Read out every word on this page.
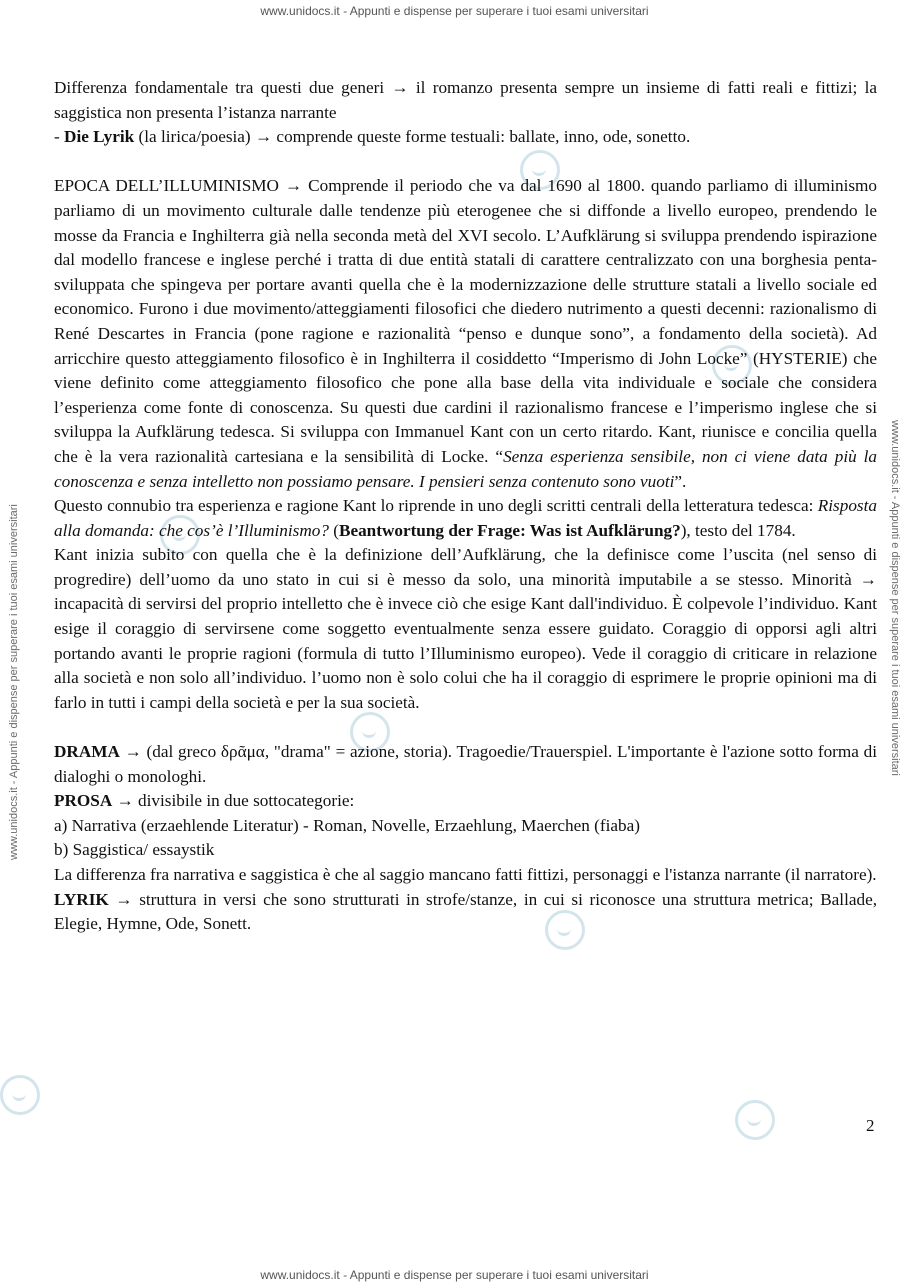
www.unidocs.it - Appunti e dispense per superare i tuoi esami universitari
www.unidocs.it - Appunti e dispense per superare i tuoi esami universitari
www.unidocs.it - Appunti e dispense per superare i tuoi esami universitari	www.unidocs.it - Appunti e dispense per superare i tuoi esami universitari

Differenza fondamentale tra questi due generi → il romanzo presenta sempre un insieme di fatti reali e fittizi; la saggistica non presenta l’istanza narrante

- Die Lyrik (la lirica/poesia) → comprende queste forme testuali: ballate, inno, ode, sonetto.

EPOCA DELL’ILLUMINISMO → Comprende il periodo che va dal 1690 al 1800. quando parliamo di illuminismo parliamo di un movimento culturale dalle tendenze più eterogenee che si diffonde a livello europeo, prendendo le mosse da Francia e Inghilterra già nella seconda metà del XVI secolo. L’Aufklärung si sviluppa prendendo ispirazione dal modello francese e inglese perché i tratta di due entità statali di carattere centralizzato con una borghesia penta-sviluppata che spingeva per portare avanti quella che è la modernizzazione delle strutture statali a livello sociale ed economico. Furono i due movimento/atteggiamenti filosofici che diedero nutrimento a questi decenni: razionalismo di René Descartes in Francia (pone ragione e razionalità “penso e dunque sono”, a fondamento della società). Ad arricchire questo atteggiamento filosofico è in Inghilterra il cosiddetto “Imperismo di John Locke” (HYSTERIE) che viene definito come atteggiamento filosofico che pone alla base della vita individuale e sociale che considera l’esperienza come fonte di conoscenza. Su questi due cardini il razionalismo francese e l’imperismo inglese che si sviluppa la Aufklärung tedesca. Si sviluppa con Immanuel Kant con un certo ritardo. Kant, riunisce e concilia quella che è la vera razionalità cartesiana e la sensibilità di Locke. “Senza esperienza sensibile, non ci viene data più la conoscenza e senza intelletto non possiamo pensare. I pensieri senza contenuto sono vuoti”.

Questo connubio tra esperienza e ragione Kant lo riprende in uno degli scritti centrali della letteratura tedesca: Risposta alla domanda: che cos’è l’Illuminismo? (Beantwortung der Frage: Was ist Aufklärung?), testo del 1784.

Kant inizia subito con quella che è la definizione dell’Aufklärung, che la definisce come l’uscita (nel senso di progredire) dell’uomo da uno stato in cui si è messo da solo, una minorità imputabile a se stesso. Minorità → incapacità di servirsi del proprio intelletto che è invece ciò che esige Kant dall'individuo. È colpevole l’individuo. Kant esige il coraggio di servirsene come soggetto eventualmente senza essere guidato. Coraggio di opporsi agli altri portando avanti le proprie ragioni (formula di tutto l’Illuminismo europeo). Vede il coraggio di criticare in relazione alla società e non solo all’individuo. l’uomo non è solo colui che ha il coraggio di esprimere le proprie opinioni ma di farlo in tutti i campi della società e per la sua società.

DRAMA → (dal greco δρᾶμα, "drama" = azione, storia). Tragoedie/Trauerspiel. L'importante è l'azione sotto forma di dialoghi o monologhi.

PROSA → divisibile in due sottocategorie:

a) Narrativa (erzaehlende Literatur) - Roman, Novelle, Erzaehlung, Maerchen (fiaba)

b) Saggistica/ essaystik

La differenza fra narrativa e saggistica è che al saggio mancano fatti fittizi, personaggi e l'istanza narrante (il narratore).

LYRIK → struttura in versi che sono strutturati in strofe/stanze, in cui si riconosce una struttura metrica; Ballade, Elegie, Hymne, Ode, Sonett.

2
